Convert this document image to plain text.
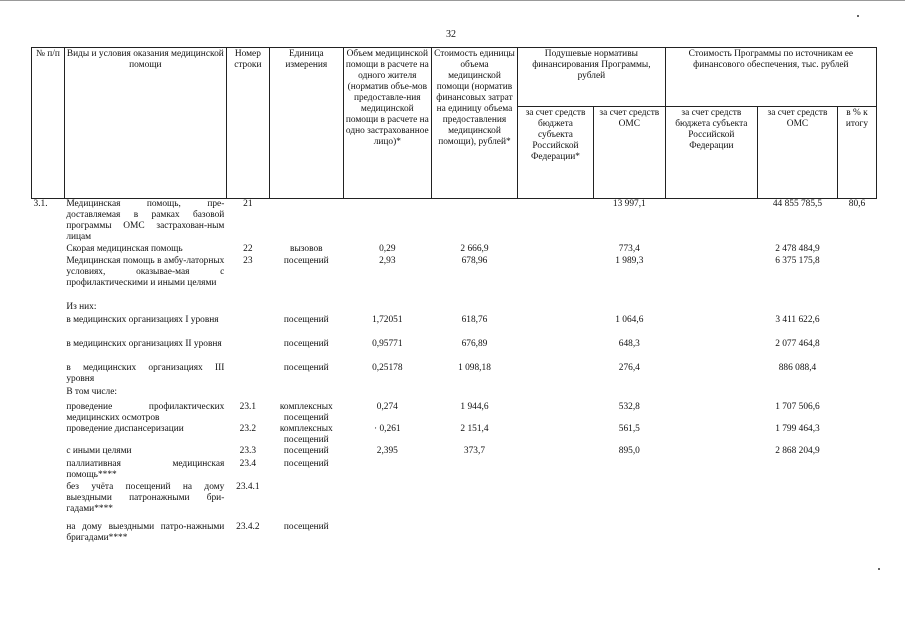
32
№ п/п	Виды и условия оказания медицинской помощи	Номер строки	Единица измерения	Объем медицинской помощи в расчете на одного жителя (норматив объе-мов предоставле-ния медицинской помощи в расчете на одно застрахованное лицо)*	Стоимость единицы объема медицинской помощи (норматив финансовых затрат на единицу объема предоставления медицинской помощи), рублей*	Подушевые нормативы финансирования Программы, рублей		Стоимость Программы по источникам ее финансового обеспечения, тыс. рублей		
						за счет средств бюджета субъекта Российской Федерации*	за счет средств ОМС	за счет средств бюджета субъекта Российской Федерации	за счет средств ОМС	в % к итогу
3.1.	Медицинская помощь, пре-доставляемая в рамках базовой программы ОМС застрахован-ным лицам	21					13 997,1		44 855 785,5	80,6
	Скорая медицинская помощь	22	вызовов	0,29	2 666,9		773,4		2 478 484,9	
	Медицинская помощь в амбу-латорных условиях, оказывае-мая с профилактическими и иными целями	23	посещений	2,93	678,96		1 989,3		6 375 175,8	
	Из них:									
	в медицинских организациях I уровня		посещений	1,72051	618,76		1 064,6		3 411 622,6	
	в медицинских организациях II уровня		посещений	0,95771	676,89		648,3		2 077 464,8	
	в медицинских организациях III уровня		посещений	0,25178	1 098,18		276,4		886 088,4	
	В том числе:									
	проведение профилактических медицинских осмотров	23.1	комплексных посещений	0,274	1 944,6		532,8		1 707 506,6	
	проведение диспансеризации	23.2	комплексных посещений	· 0,261	2 151,4		561,5		1 799 464,3	
	с иными целями	23.3	посещений	2,395	373,7		895,0		2 868 204,9	
	паллиативная медицинская помощь****	23.4	посещений							
	без учёта посещений на дому выездными патронажными бри-гадами****	23.4.1								
	на дому выездными патро-нажными бригадами****	23.4.2	посещений							
